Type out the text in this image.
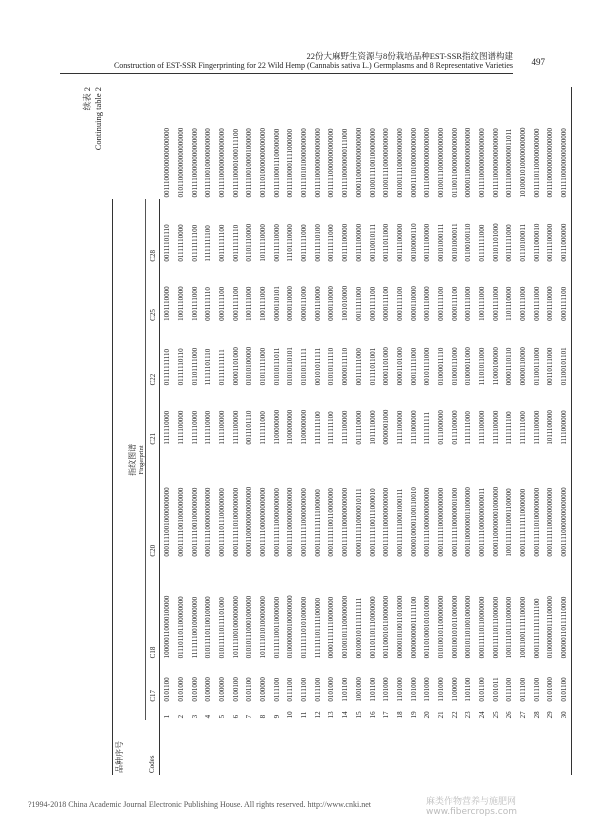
22份大麻野生资源与8份栽培品种EST-SSR指纹图谱构建
497
Construction of EST-SSR Fingerprinting for 22 Wild Hemp (Cannabis sativa L.) Germplasms and 8 Representative Varieties
续表 2 Continuing table 2
品种序号									

	指纹图谱 Fingerprint								

Codes		C17	C18	C20	C21	C22	C25	C28	
	1	0101100	100000110000100000	00011110010000000000	1111110000	01111111110	1001110000	00111101110	00111000000000000000
	2	0101000	011101101100000000	00011111001000000000	1111100000	01111110110	1001110000	01111110000	01011000000000000000
	3	0101000	111111100100000000	00011111001000000000	1111110000	01101111000	1001111000	01111111100	00111100000000000000
	4	0100000	010111101100100000	00011111000000000000	1111110000	11111101110	0001111110	11111111100	00111100100000000000
	5	0100000	010111110111101000	00011111011100000000	1111100000	01111111111	0001111100	00111111100	00111100000000000000
	6	0100100	101111001000000000	00011111101000000000	1111100000	00001101000	0001111100	00111111110	00111100001000111100
	7	0101100	010101110001000000	00001100000000000000	0011101110	01010100000	1001111000	01101110000	00111100100001000000
	8	0100000	101111010100000000	00011111000000000000	1111111000	01011111000	1001111000	10111110000	00111010000000000000
	9	0111100	011111100110000000	00011111110000000000	1100000000	01010111011	0000110101	00111110000	00111100011100000000
	10	0111100	010000000100000000	00011111000000000000	1100000000	01010110101	0000110000	11101110000	00111100001111000000
	11	0111100	011111110101000000	00011111110000000000	1100000000	01010111111	0000111000	00111111000	00111101010000000000
	12	0111100	111111101111100000	00011111111111000000	1111111100	00101011111	0001110000	00111110100	00111100000000000000
	13	0101000	000011111110000000	00011111100110000000	1111111100	01010111110	0000110000	00111111000	00111110000000000000
	14	1101100	001001011100000000	00011111100000000000	1111100000	00000111110	1001010000	00111100000	00111100000000111000
	15	1001000	001000101111111111	00001111110000010111	0111110000	00111111000	0011111000	00111100000	00001100000000000000
	16	1101100	001101101110000000	00011111100111000010	1011110000	01111011001	0001111100	00110010111	00100111100100000000
	17	1101000	001100010110000000	00011111100000000000	0000001000	00001101000	0000111100	00111011000	00100111100000000000
	18	1101000	000001010011010000	00011111110001000111	1111100000	00001101000	0001111100	00111100000	00100111100000000000
	19	1101000	000000000011111100	00000100001100110010	1111000000	00011111000	0000110000	00100000110	00001110100000000000
	20	1101000	001101000101010000	00011111000000000000	1111111111	00101111000	0001110000	00111100000	00111000000000000000
	21	1101000	010100101100000000	00011111100000000000	0111000000	01000011110	0001111100	00101000111	00100111000000000000
	22	1100000	000100101011000000	00011111100000001000	0111100000	01000111000	0000111100	00101000011	01100110000000000000
	23	1101100	000101101001000000	00011000000011000000	1111111000	01000011000	0001111000	01100100110	00000110000000000000
	24	0101100	000111110110000000	00011111000000000011	1111100000	11101011000	1001111000	01111111000	00111100000000000000
	25	0101011	000111110111000000	00001100000001000000	1111100000	11000100000	0001111000	00101101000	00111100000000000000
	26	0111100	100111101111000000	10011111110001100000	1111111100	00001110110	1101110000	00111111000	00111100000000011011
	27	0111100	100110011111100000	00011111111110000000	1111111000	00000110000	0001111000	01110100011	10100010100000000000
	28	0111100	000111111111111100	00011111101000000000	1111100000	01100111000	0001111000	00111000010	00111101100000000000
	29	0101000	010000000111100000	00011111100000000000	1011100000	00110111000	0001110000	00111100000	00111000000000000000
	30	0101100	000000110111110000	00011110000000000000	1111000000	01100101101	0001111100	00111000000	00111100000000000000
?1994-2018 China Academic Journal Electronic Publishing House. All rights reserved. http://www.cnki.net	麻类作物营养与施肥网 www.fibercrops.com
